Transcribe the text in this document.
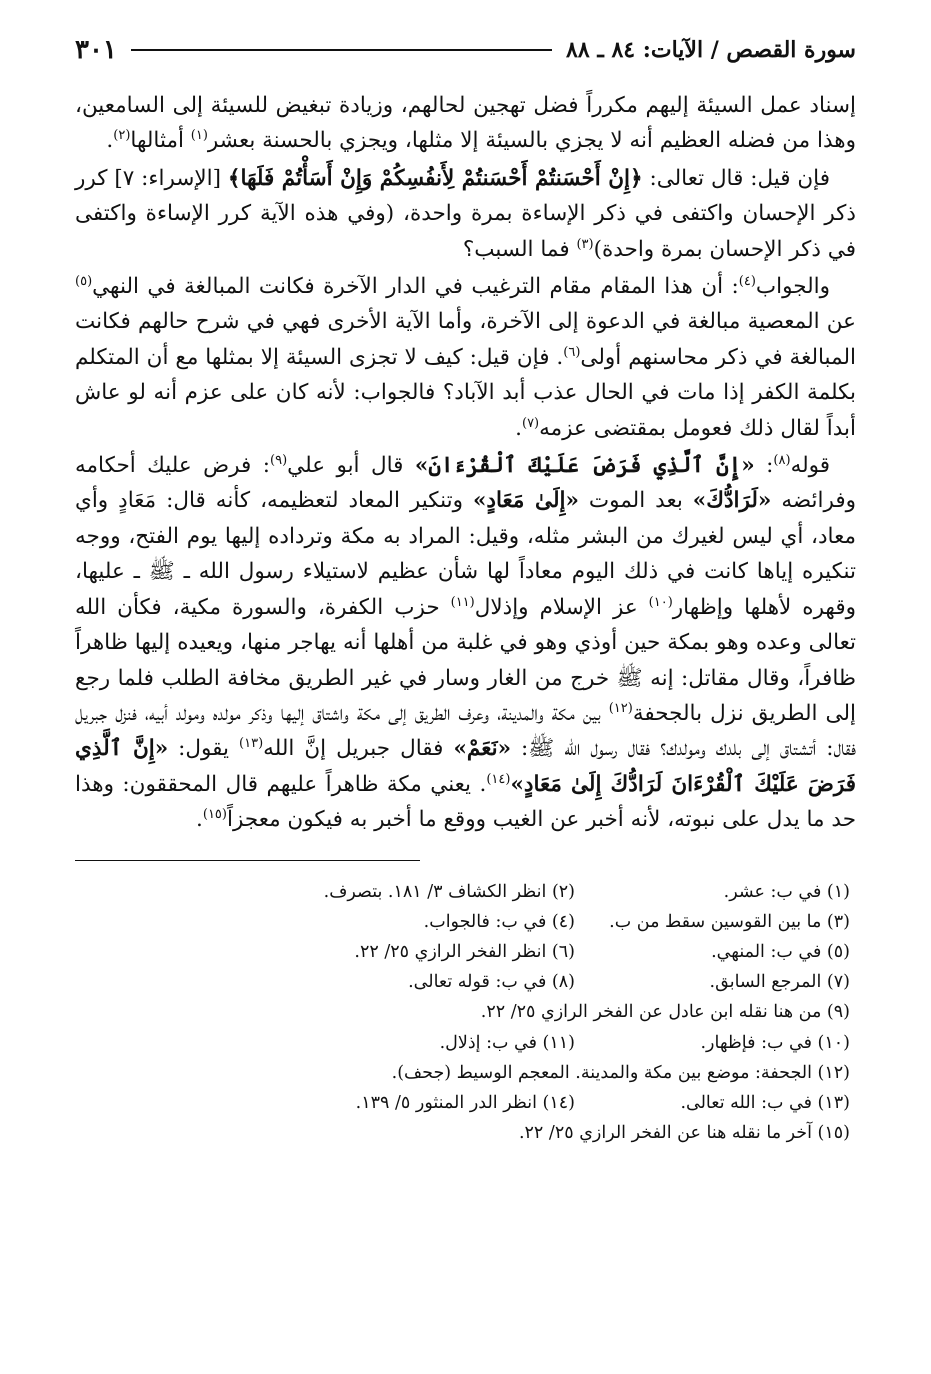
سورة القصص / الآيات: ٨٤ ـ ٨٨
٣٠١

إسناد عمل السيئة إليهم مكرراً فضل تهجين لحالهم، وزيادة تبغيض للسيئة إلى السامعين، وهذا من فضله العظيم أنه لا يجزي بالسيئة إلا مثلها، ويجزي بالحسنة بعشر$^{(١)}$ أمثالها$^{(٢)}$.

فإن قيل: قال تعالى: ﴿إِنْ أَحْسَنتُمْ أَحْسَنتُمْ لِأَنفُسِكُمْ وَإِنْ أَسَأْتُمْ فَلَهَا﴾ [الإسراء: ٧] كرر ذكر الإحسان واكتفى في ذكر الإساءة بمرة واحدة، (وفي هذه الآية كرر الإساءة واكتفى في ذكر الإحسان بمرة واحدة)$^{(٣)}$ فما السبب؟

والجواب$^{(٤)}$: أن هذا المقام مقام الترغيب في الدار الآخرة فكانت المبالغة في النهي$^{(٥)}$ عن المعصية مبالغة في الدعوة إلى الآخرة، وأما الآية الأخرى فهي في شرح حالهم فكانت المبالغة في ذكر محاسنهم أولى$^{(٦)}$. فإن قيل: كيف لا تجزى السيئة إلا بمثلها مع أن المتكلم بكلمة الكفر إذا مات في الحال عذب أبد الآباد؟ فالجواب: لأنه كان على عزم أنه لو عاش أبداً لقال ذلك فعومل بمقتضى عزمه$^{(٧)}$.

قوله$^{(٨)}$: «إِنَّ ٱلَّذِي فَرَضَ عَلَيْكَ ٱلْقُرْءَانَ» قال أبو علي$^{(٩)}$: فرض عليك أحكامه وفرائضه «لَرَادُّكَ» بعد الموت «إِلَىٰ مَعَادٍ» وتنكير المعاد لتعظيمه، كأنه قال: مَعَادٍ وأي معاد، أي ليس لغيرك من البشر مثله، وقيل: المراد به مكة وترداده إليها يوم الفتح، ووجه تنكيره إياها كانت في ذلك اليوم معاداً لها شأن عظيم لاستيلاء رسول الله ـ ﷺ ـ عليها، وقهره لأهلها وإظهار$^{(١٠)}$ عز الإسلام وإذلال$^{(١١)}$ حزب الكفرة، والسورة مكية، فكأن الله تعالى وعده وهو بمكة حين أوذي وهو في غلبة من أهلها أنه يهاجر منها، ويعيده إليها ظاهراً ظافراً، وقال مقاتل: إنه ﷺ خرج من الغار وسار في غير الطريق مخافة الطلب فلما رجع إلى الطريق نزل بالجحفة$^{(١٢)}$ بين مكة والمدينة، وعرف الطريق إلى مكة واشتاق إليها وذكر مولده ومولد أبيه، فنزل جبريل فقال: أتشتاق إلى بلدك ومولدك؟ فقال رسول الله ﷺ: «نَعَمْ» فقال جبريل إنَّ الله$^{(١٣)}$ يقول: «إِنَّ ٱلَّذِي فَرَضَ عَلَيْكَ ٱلْقُرْءَانَ لَرَادُّكَ إِلَىٰ مَعَادٍ»$^{(١٤)}$. يعني مكة ظاهراً عليهم قال المحققون: وهذا حد ما يدل على نبوته، لأنه أخبر عن الغيب ووقع ما أخبر به فيكون معجزاً$^{(١٥)}$.

(١) في ب: عشر.
(٢) انظر الكشاف ٣/ ١٨١. بتصرف.
(٣) ما بين القوسين سقط من ب.
(٤) في ب: فالجواب.
(٥) في ب: المنهي.
(٦) انظر الفخر الرازي ٢٥/ ٢٢.
(٧) المرجع السابق.
(٨) في ب: قوله تعالى.
(٩) من هنا نقله ابن عادل عن الفخر الرازي ٢٥/ ٢٢.
(١٠) في ب: فإظهار.
(١١) في ب: إذلال.
(١٢) الجحفة: موضع بين مكة والمدينة. المعجم الوسيط (جحف).
(١٣) في ب: الله تعالى.
(١٤) انظر الدر المنثور ٥/ ١٣٩.
(١٥) آخر ما نقله هنا عن الفخر الرازي ٢٥/ ٢٢.
